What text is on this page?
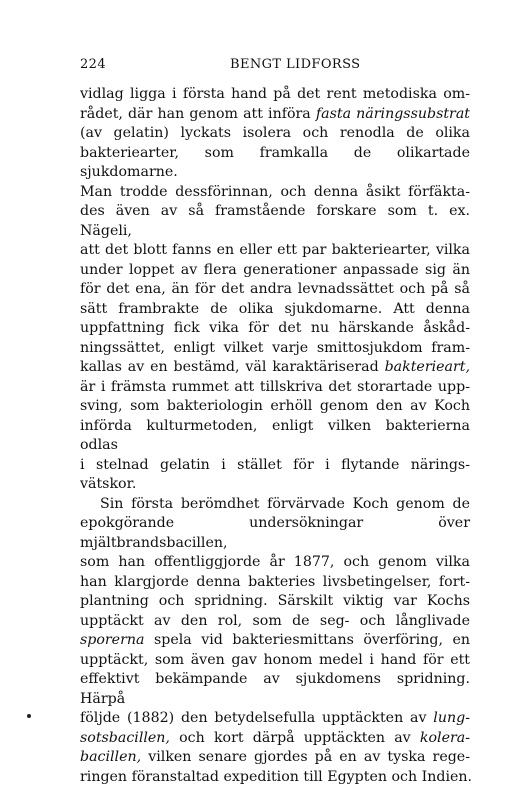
224	BENGT LIDFORSS

vidlag ligga i första hand på det rent metodiska om-
rådet, där han genom att införa fasta näringssubstrat
(av gelatin) lyckats isolera och renodla de olika
bakteriearter, som framkalla de olikartade sjukdomarne.
Man trodde dessförinnan, och denna åsikt förfäkta-
des även av så framstående forskare som t. ex. Nägeli,
att det blott fanns en eller ett par bakteriearter, vilka
under loppet av flera generationer anpassade sig än
för det ena, än för det andra levnadssättet och på så
sätt frambrakte de olika sjukdomarne. Att denna
uppfattning fick vika för det nu härskande åskåd-
ningssättet, enligt vilket varje smittosjukdom fram-
kallas av en bestämd, väl karaktäriserad bakterieart,
är i främsta rummet att tillskriva det storartade upp-
sving, som bakteriologin erhöll genom den av Koch
införda kulturmetoden, enligt vilken bakterierna odlas
i stelnad gelatin i stället för i flytande närings-
vätskor.

Sin första berömdhet förvärvade Koch genom de
epokgörande undersökningar över mjältbrandsbacillen,
som han offentliggjorde år 1877, och genom vilka
han klargjorde denna bakteries livsbetingelser, fort-
plantning och spridning. Särskilt viktig var Kochs
upptäckt av den rol, som de seg- och långlivade
sporerna spela vid bakteriesmittans överföring, en
upptäckt, som även gav honom medel i hand för ett
effektivt bekämpande av sjukdomens spridning. Härpå
följde (1882) den betydelsefulla upptäckten av lung-
sotsbacillen, och kort därpå upptäckten av kolera-
bacillen, vilken senare gjordes på en av tyska rege-
ringen föranstaltad expedition till Egypten och Indien.
